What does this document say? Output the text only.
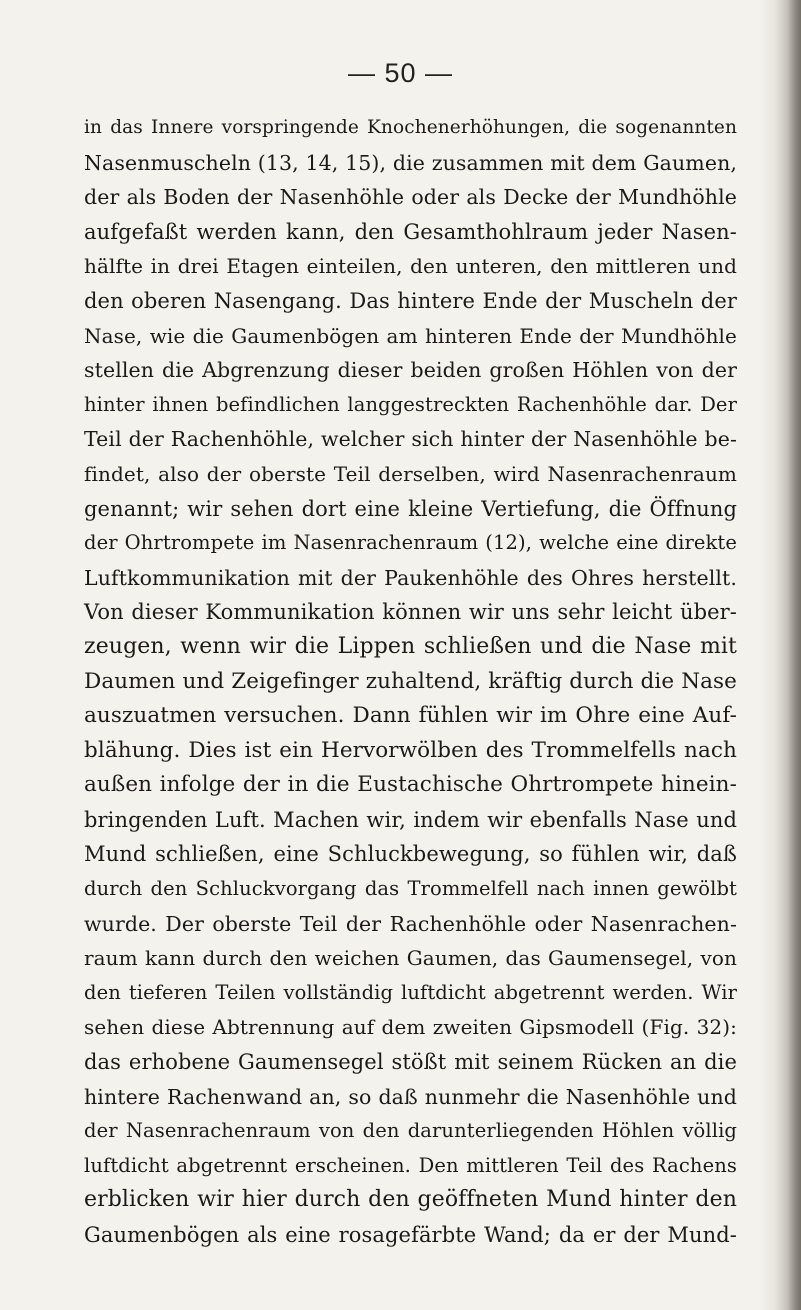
— 50 —
in das Innere vorspringende Knochenerhöhungen, die sogenannten
Nasenmuscheln (13, 14, 15), die zusammen mit dem Gaumen,
der als Boden der Nasenhöhle oder als Decke der Mundhöhle
aufgefaßt werden kann, den Gesamthohlraum jeder Nasen-
hälfte in drei Etagen einteilen, den unteren, den mittleren und
den oberen Nasengang. Das hintere Ende der Muscheln der
Nase, wie die Gaumenbögen am hinteren Ende der Mundhöhle
stellen die Abgrenzung dieser beiden großen Höhlen von der
hinter ihnen befindlichen langgestreckten Rachenhöhle dar. Der
Teil der Rachenhöhle, welcher sich hinter der Nasenhöhle be-
findet, also der oberste Teil derselben, wird Nasenrachenraum
genannt; wir sehen dort eine kleine Vertiefung, die Öffnung
der Ohrtrompete im Nasenrachenraum (12), welche eine direkte
Luftkommunikation mit der Paukenhöhle des Ohres herstellt.
Von dieser Kommunikation können wir uns sehr leicht über-
zeugen, wenn wir die Lippen schließen und die Nase mit
Daumen und Zeigefinger zuhaltend, kräftig durch die Nase
auszuatmen versuchen. Dann fühlen wir im Ohre eine Auf-
blähung. Dies ist ein Hervorwölben des Trommelfells nach
außen infolge der in die Eustachische Ohrtrompete hinein-
bringenden Luft. Machen wir, indem wir ebenfalls Nase und
Mund schließen, eine Schluckbewegung, so fühlen wir, daß
durch den Schluckvorgang das Trommelfell nach innen gewölbt
wurde. Der oberste Teil der Rachenhöhle oder Nasenrachen-
raum kann durch den weichen Gaumen, das Gaumensegel, von
den tieferen Teilen vollständig luftdicht abgetrennt werden. Wir
sehen diese Abtrennung auf dem zweiten Gipsmodell (Fig. 32):
das erhobene Gaumensegel stößt mit seinem Rücken an die
hintere Rachenwand an, so daß nunmehr die Nasenhöhle und
der Nasenrachenraum von den darunterliegenden Höhlen völlig
luftdicht abgetrennt erscheinen. Den mittleren Teil des Rachens
erblicken wir hier durch den geöffneten Mund hinter den
Gaumenbögen als eine rosagefärbte Wand; da er der Mund-
